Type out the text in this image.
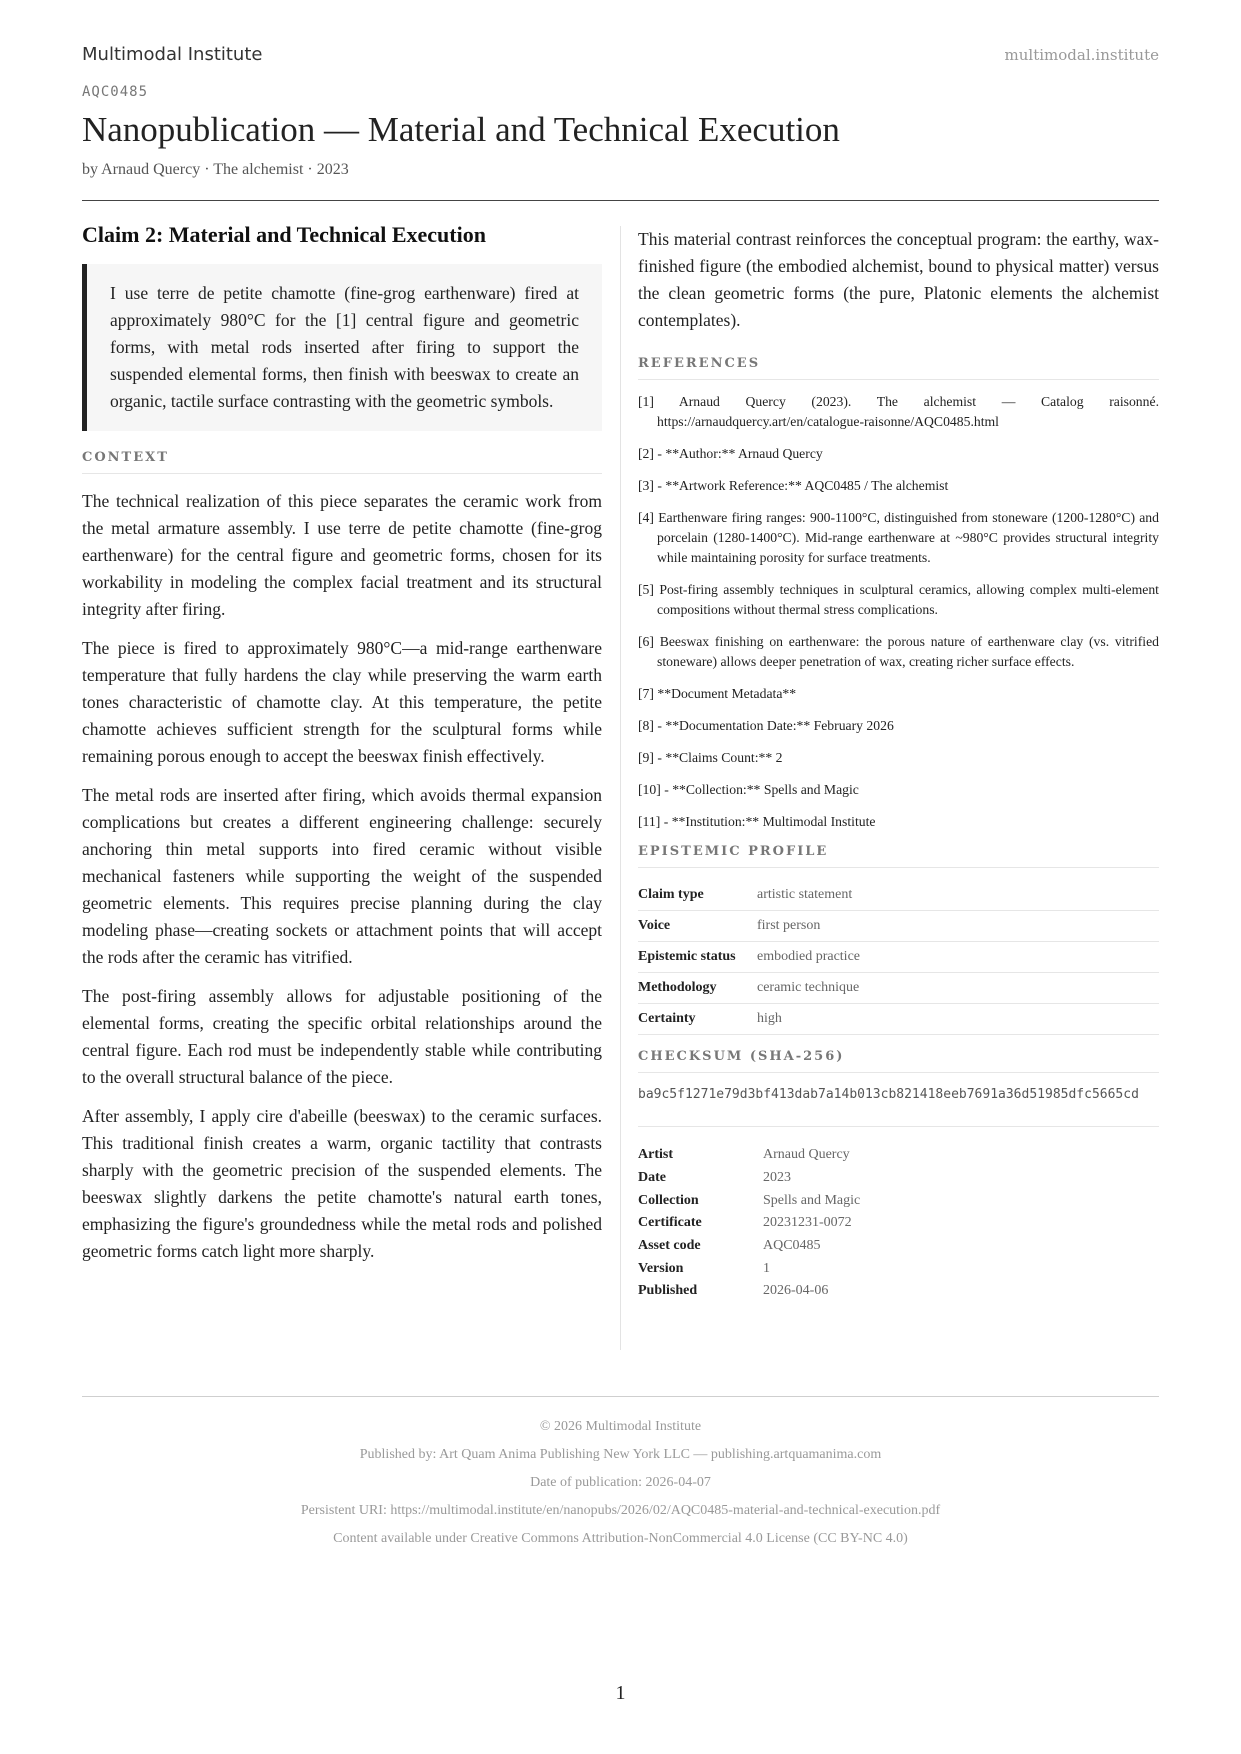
Multimodal Institute	multimodal.institute
AQC0485
Nanopublication — Material and Technical Execution
by Arnaud Quercy · The alchemist · 2023
Claim 2: Material and Technical Execution
I use terre de petite chamotte (fine-grog earthenware) fired at approximately 980°C for the [1] central figure and geometric forms, with metal rods inserted after firing to support the suspended elemental forms, then finish with beeswax to create an organic, tactile surface contrasting with the geometric symbols.
CONTEXT

The technical realization of this piece separates the ceramic work from the metal armature assembly. I use terre de petite chamotte (fine-grog earthenware) for the central figure and geometric forms, chosen for its workability in modeling the complex facial treatment and its structural integrity after firing.

The piece is fired to approximately 980°C—a mid-range earthenware temperature that fully hardens the clay while preserving the warm earth tones characteristic of chamotte clay. At this temperature, the petite chamotte achieves sufficient strength for the sculptural forms while remaining porous enough to accept the beeswax finish effectively.

The metal rods are inserted after firing, which avoids thermal expansion complications but creates a different engineering challenge: securely anchoring thin metal supports into fired ceramic without visible mechanical fasteners while supporting the weight of the suspended geometric elements. This requires precise planning during the clay modeling phase—creating sockets or attachment points that will accept the rods after the ceramic has vitrified.

The post-firing assembly allows for adjustable positioning of the elemental forms, creating the specific orbital relationships around the central figure. Each rod must be independently stable while contributing to the overall structural balance of the piece.

After assembly, I apply cire d'abeille (beeswax) to the ceramic surfaces. This traditional finish creates a warm, organic tactility that contrasts sharply with the geometric precision of the suspended elements. The beeswax slightly darkens the petite chamotte's natural earth tones, emphasizing the figure's groundedness while the metal rods and polished geometric forms catch light more sharply.

This material contrast reinforces the conceptual program: the earthy, wax-finished figure (the embodied alchemist, bound to physical matter) versus the clean geometric forms (the pure, Platonic elements the alchemist contemplates).

REFERENCES
[1] Arnaud Quercy (2023). The alchemist — Catalog raisonné. https://arnaudquercy.art/en/catalogue-raisonne/AQC0485.html
[2] - **Author:** Arnaud Quercy
[3] - **Artwork Reference:** AQC0485 / The alchemist
[4] Earthenware firing ranges: 900-1100°C, distinguished from stoneware (1200-1280°C) and porcelain (1280-1400°C). Mid-range earthenware at ~980°C provides structural integrity while maintaining porosity for surface treatments.
[5] Post-firing assembly techniques in sculptural ceramics, allowing complex multi-element compositions without thermal stress complications.
[6] Beeswax finishing on earthenware: the porous nature of earthenware clay (vs. vitrified stoneware) allows deeper penetration of wax, creating richer surface effects.
[7] **Document Metadata**
[8] - **Documentation Date:** February 2026
[9] - **Claims Count:** 2
[10] - **Collection:** Spells and Magic
[11] - **Institution:** Multimodal Institute
EPISTEMIC PROFILE
Claim type	artistic statement
Voice	first person
Epistemic status	embodied practice
Methodology	ceramic technique
Certainty	high
CHECKSUM (SHA-256)
ba9c5f1271e79d3bf413dab7a14b013cb821418eeb7691a36d51985dfc5665cd
Artist	Arnaud Quercy
Date	2023
Collection	Spells and Magic
Certificate	20231231-0072
Asset code	AQC0485
Version	1
Published	2026-04-06
© 2026 Multimodal Institute
Published by: Art Quam Anima Publishing New York LLC — publishing.artquamanima.com
Date of publication: 2026-04-07
Persistent URI: https://multimodal.institute/en/nanopubs/2026/02/AQC0485-material-and-technical-execution.pdf
Content available under Creative Commons Attribution-NonCommercial 4.0 License (CC BY-NC 4.0)
1
